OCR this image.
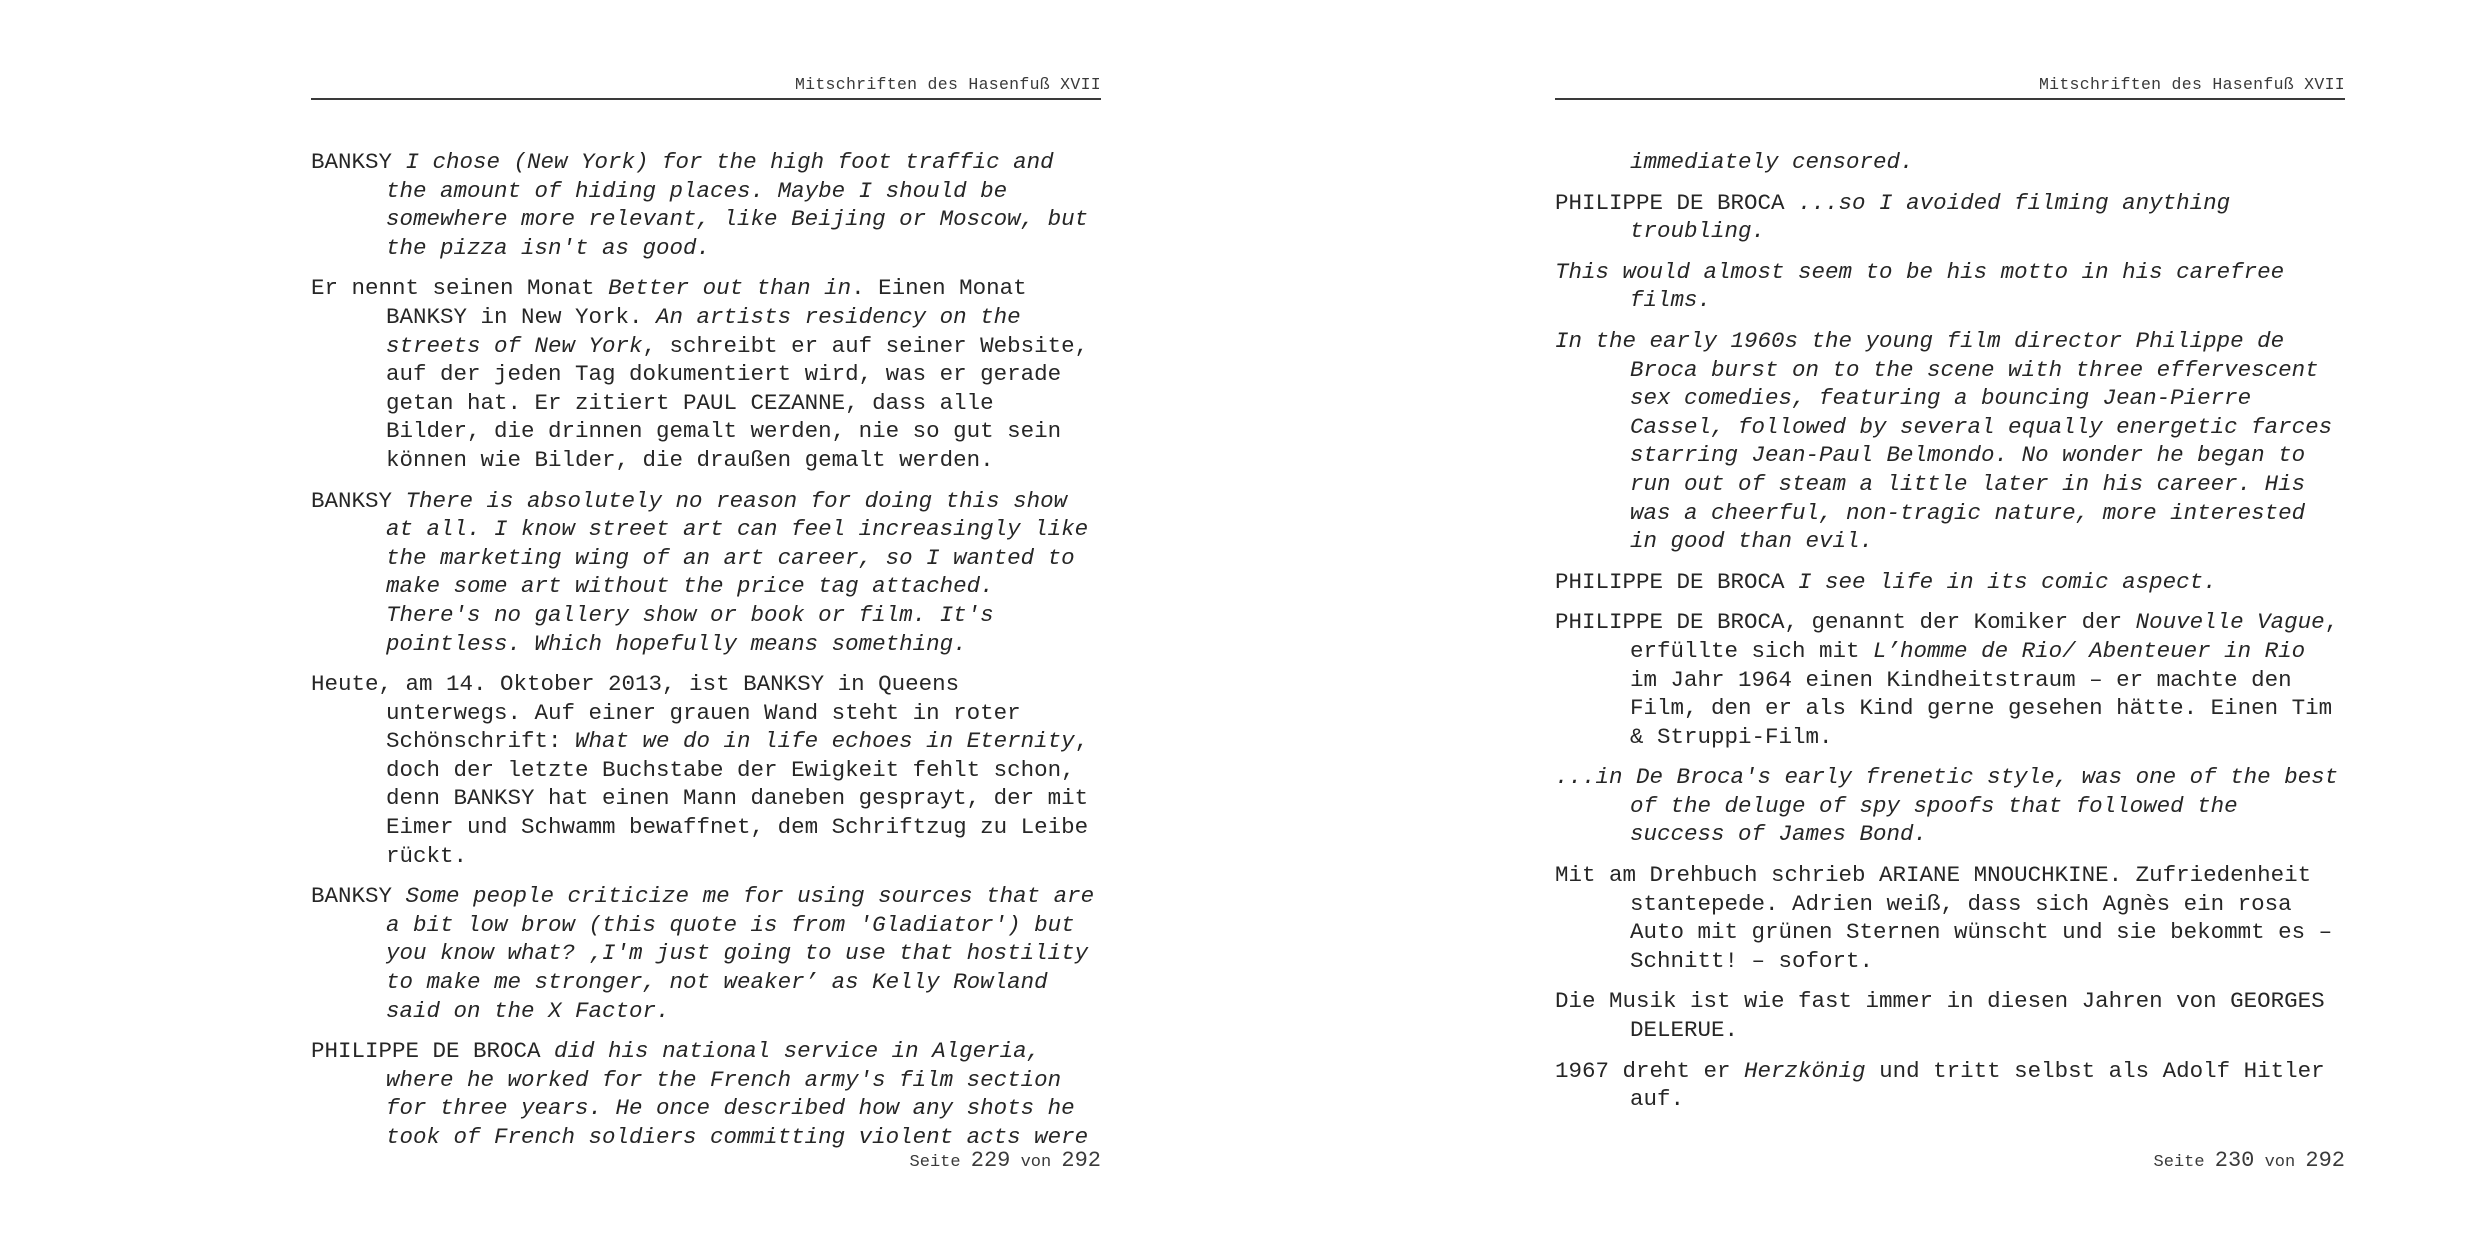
Mitschriften des Hasenfuß XVII

BANKSY I chose (New York) for the high foot traffic and the amount of hiding places. Maybe I should be somewhere more relevant, like Beijing or Moscow, but the pizza isn't as good.

Er nennt seinen Monat Better out than in. Einen Monat BANKSY in New York. An artists residency on the streets of New York, schreibt er auf seiner Website, auf der jeden Tag dokumentiert wird, was er gerade getan hat. Er zitiert PAUL CEZANNE, dass alle Bilder, die drinnen gemalt werden, nie so gut sein können wie Bilder, die draußen gemalt werden.

BANKSY There is absolutely no reason for doing this show at all. I know street art can feel increasingly like the marketing wing of an art career, so I wanted to make some art without the price tag attached. There's no gallery show or book or film. It's pointless. Which hopefully means something.

Heute, am 14. Oktober 2013, ist BANKSY in Queens unterwegs. Auf einer grauen Wand steht in roter Schönschrift: What we do in life echoes in Eternity, doch der letzte Buchstabe der Ewigkeit fehlt schon, denn BANKSY hat einen Mann daneben gesprayt, der mit Eimer und Schwamm bewaffnet, dem Schriftzug zu Leibe rückt.

BANKSY Some people criticize me for using sources that are a bit low brow (this quote is from 'Gladiator') but you know what? ‚I'm just going to use that hostility to make me stronger, not weaker’ as Kelly Rowland said on the X Factor.

PHILIPPE DE BROCA did his national service in Algeria, where he worked for the French army's film section for three years. He once described how any shots he took of French soldiers committing violent acts were

Seite 229 von 292
Mitschriften des Hasenfuß XVII

immediately censored.

PHILIPPE DE BROCA ...so I avoided filming anything troubling.

This would almost seem to be his motto in his carefree films.

In the early 1960s the young film director Philippe de Broca burst on to the scene with three effervescent sex comedies, featuring a bouncing Jean-Pierre Cassel, followed by several equally energetic farces starring Jean-Paul Belmondo. No wonder he began to run out of steam a little later in his career. His was a cheerful, non-tragic nature, more interested in good than evil.

PHILIPPE DE BROCA I see life in its comic aspect.

PHILIPPE DE BROCA, genannt der Komiker der Nouvelle Vague, erfüllte sich mit L’homme de Rio/ Abenteuer in Rio im Jahr 1964 einen Kindheitstraum – er machte den Film, den er als Kind gerne gesehen hätte. Einen Tim & Struppi-Film.

...in De Broca's early frenetic style, was one of the best of the deluge of spy spoofs that followed the success of James Bond.

Mit am Drehbuch schrieb ARIANE MNOUCHKINE. Zufriedenheit stantepede. Adrien weiß, dass sich Agnès ein rosa Auto mit grünen Sternen wünscht und sie bekommt es – Schnitt! – sofort.

Die Musik ist wie fast immer in diesen Jahren von GEORGES DELERUE.

1967 dreht er Herzkönig und tritt selbst als Adolf Hitler auf.

Seite 230 von 292
